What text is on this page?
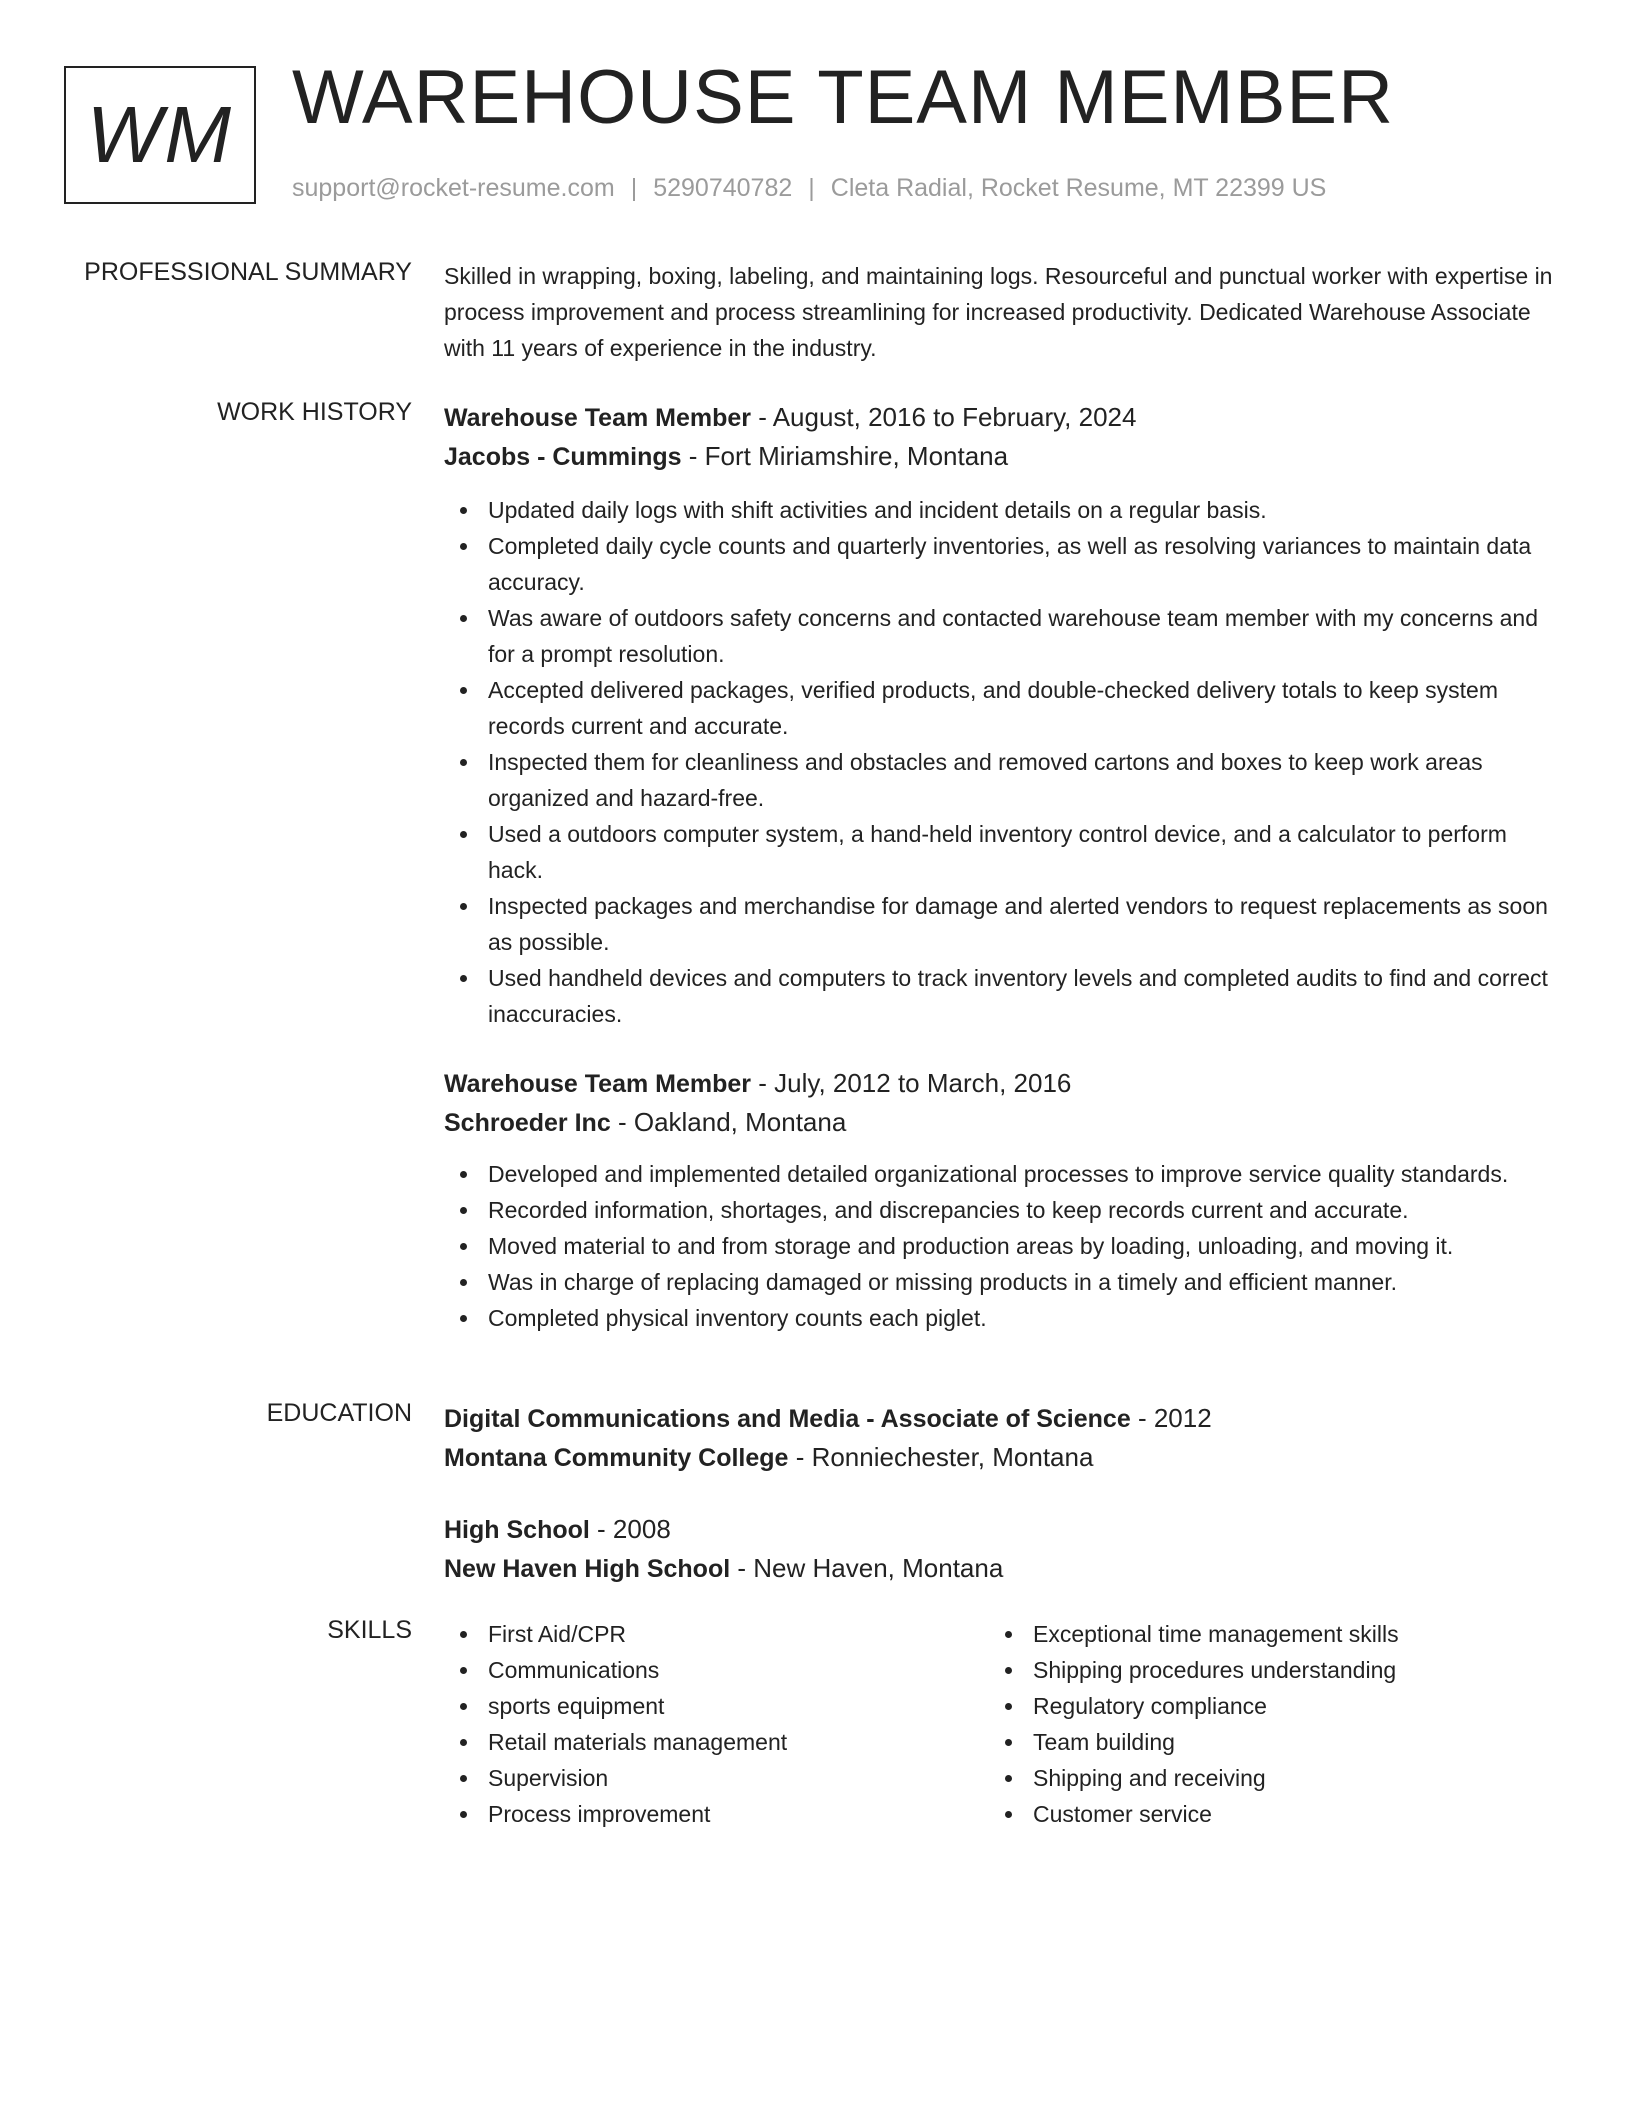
WM WAREHOUSE TEAM MEMBER
support@rocket-resume.com | 5290740782 | Cleta Radial, Rocket Resume, MT 22399 US
PROFESSIONAL SUMMARY Skilled in wrapping, boxing, labeling, and maintaining logs. Resourceful and punctual worker with expertise in process improvement and process streamlining for increased productivity. Dedicated Warehouse Associate with 11 years of experience in the industry.

WORK HISTORY Warehouse Team Member - August, 2016 to February, 2024
Jacobs - Cummings - Fort Miriamshire, Montana
Updated daily logs with shift activities and incident details on a regular basis.
Completed daily cycle counts and quarterly inventories, as well as resolving variances to maintain data accuracy.
Was aware of outdoors safety concerns and contacted warehouse team member with my concerns and for a prompt resolution.
Accepted delivered packages, verified products, and double-checked delivery totals to keep system records current and accurate.
Inspected them for cleanliness and obstacles and removed cartons and boxes to keep work areas organized and hazard-free.
Used a outdoors computer system, a hand-held inventory control device, and a calculator to perform hack.
Inspected packages and merchandise for damage and alerted vendors to request replacements as soon as possible.
Used handheld devices and computers to track inventory levels and completed audits to find and correct inaccuracies.
Warehouse Team Member - July, 2012 to March, 2016
Schroeder Inc - Oakland, Montana
Developed and implemented detailed organizational processes to improve service quality standards.
Recorded information, shortages, and discrepancies to keep records current and accurate.
Moved material to and from storage and production areas by loading, unloading, and moving it.
Was in charge of replacing damaged or missing products in a timely and efficient manner.
Completed physical inventory counts each piglet.
EDUCATION Digital Communications and Media - Associate of Science - 2012
Montana Community College - Ronniechester, Montana
High School - 2008
New Haven High School - New Haven, Montana
SKILLS	First Aid/CPR
Communications
sports equipment
Retail materials management
Supervision
Process improvement
Exceptional time management skills
Shipping procedures understanding
Regulatory compliance
Team building
Shipping and receiving
Customer service
